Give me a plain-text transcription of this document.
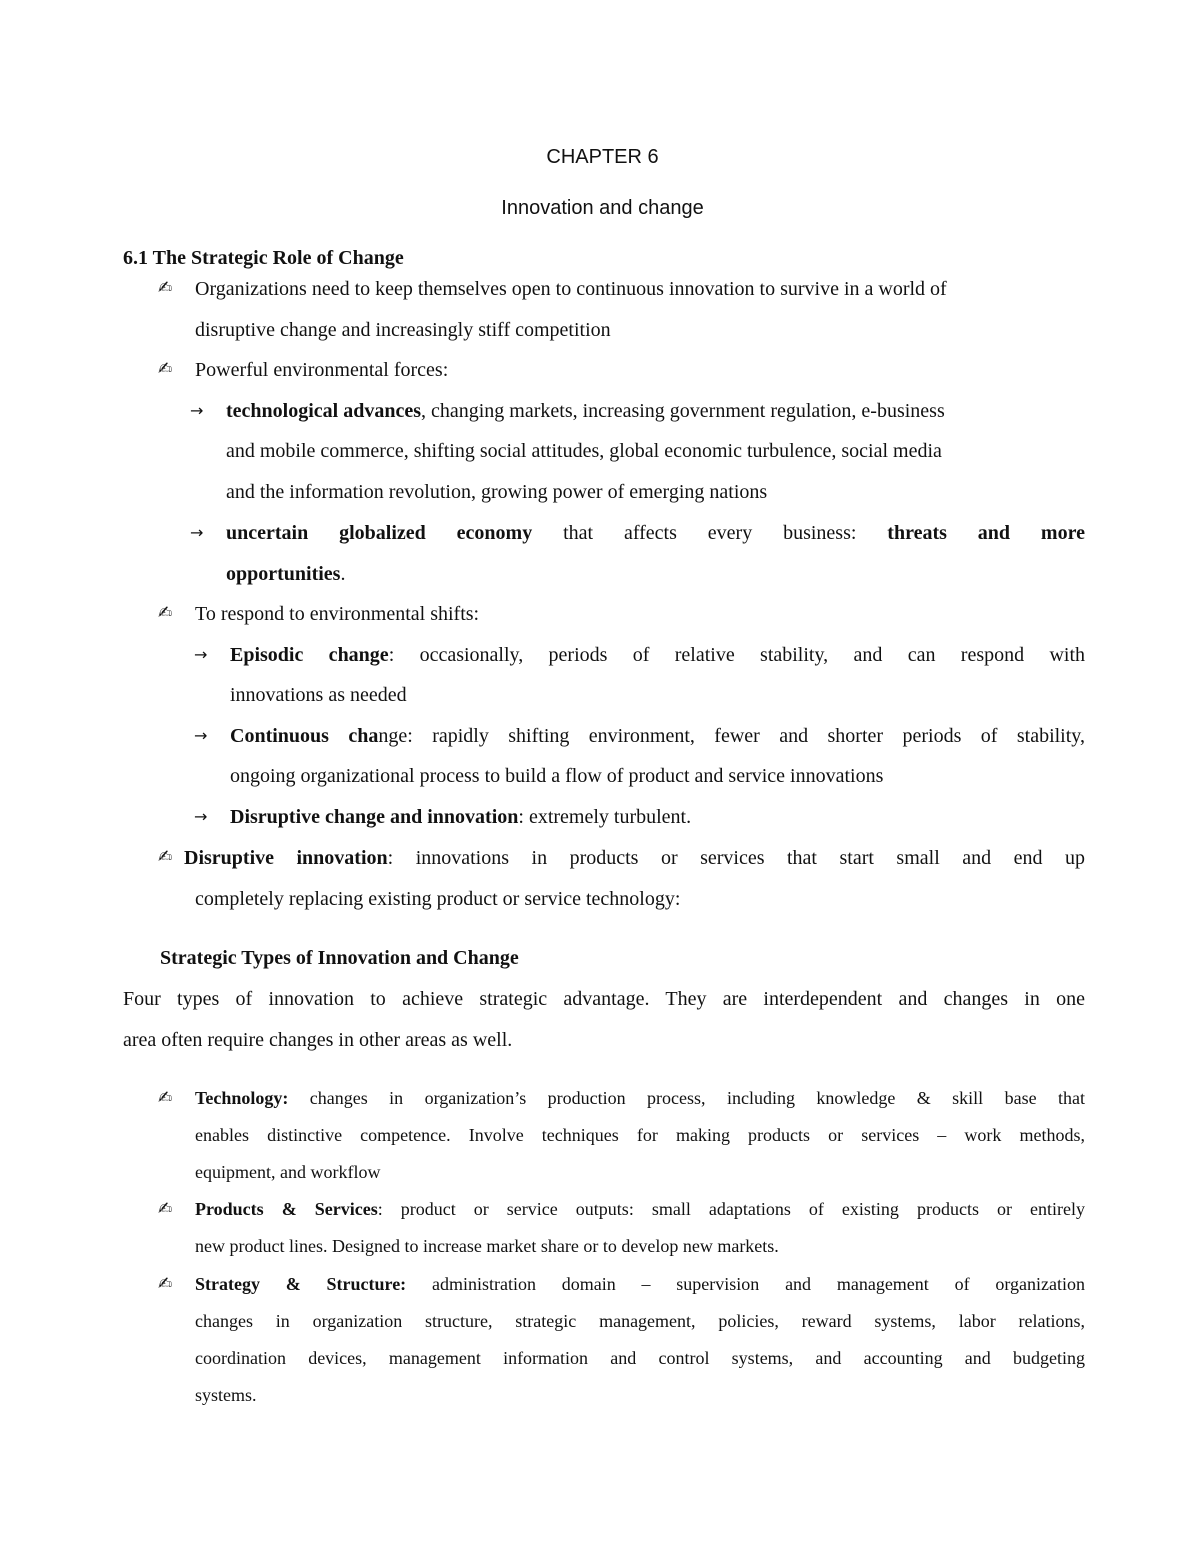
CHAPTER 6
Innovation and change
6.1 The Strategic Role of Change
✍ Organizations need to keep themselves open to continuous innovation to survive in a world of
disruptive change and increasingly stiff competition
✍ Powerful environmental forces:
→ technological advances, changing markets, increasing government regulation, e-business
and mobile commerce, shifting social attitudes, global economic turbulence, social media
and the information revolution, growing power of emerging nations
→ uncertain globalized economy that affects every business: threats and more
opportunities.
✍ To respond to environmental shifts:
→ Episodic change: occasionally, periods of relative stability, and can respond with
innovations as needed
→ Continuous change: rapidly shifting environment, fewer and shorter periods of stability,
ongoing organizational process to build a flow of product and service innovations
→ Disruptive change and innovation: extremely turbulent.
✍ Disruptive innovation: innovations in products or services that start small and end up
completely replacing existing product or service technology:
Strategic Types of Innovation and Change
Four types of innovation to achieve strategic advantage. They are interdependent and changes in one
area often require changes in other areas as well.
✍ Technology: changes in organization’s production process, including knowledge & skill base that
enables distinctive competence. Involve techniques for making products or services – work methods,
equipment, and workflow
✍ Products & Services: product or service outputs: small adaptations of existing products or entirely
new product lines. Designed to increase market share or to develop new markets.
✍ Strategy & Structure: administration domain – supervision and management of organization
changes in organization structure, strategic management, policies, reward systems, labor relations,
coordination devices, management information and control systems, and accounting and budgeting
systems.
